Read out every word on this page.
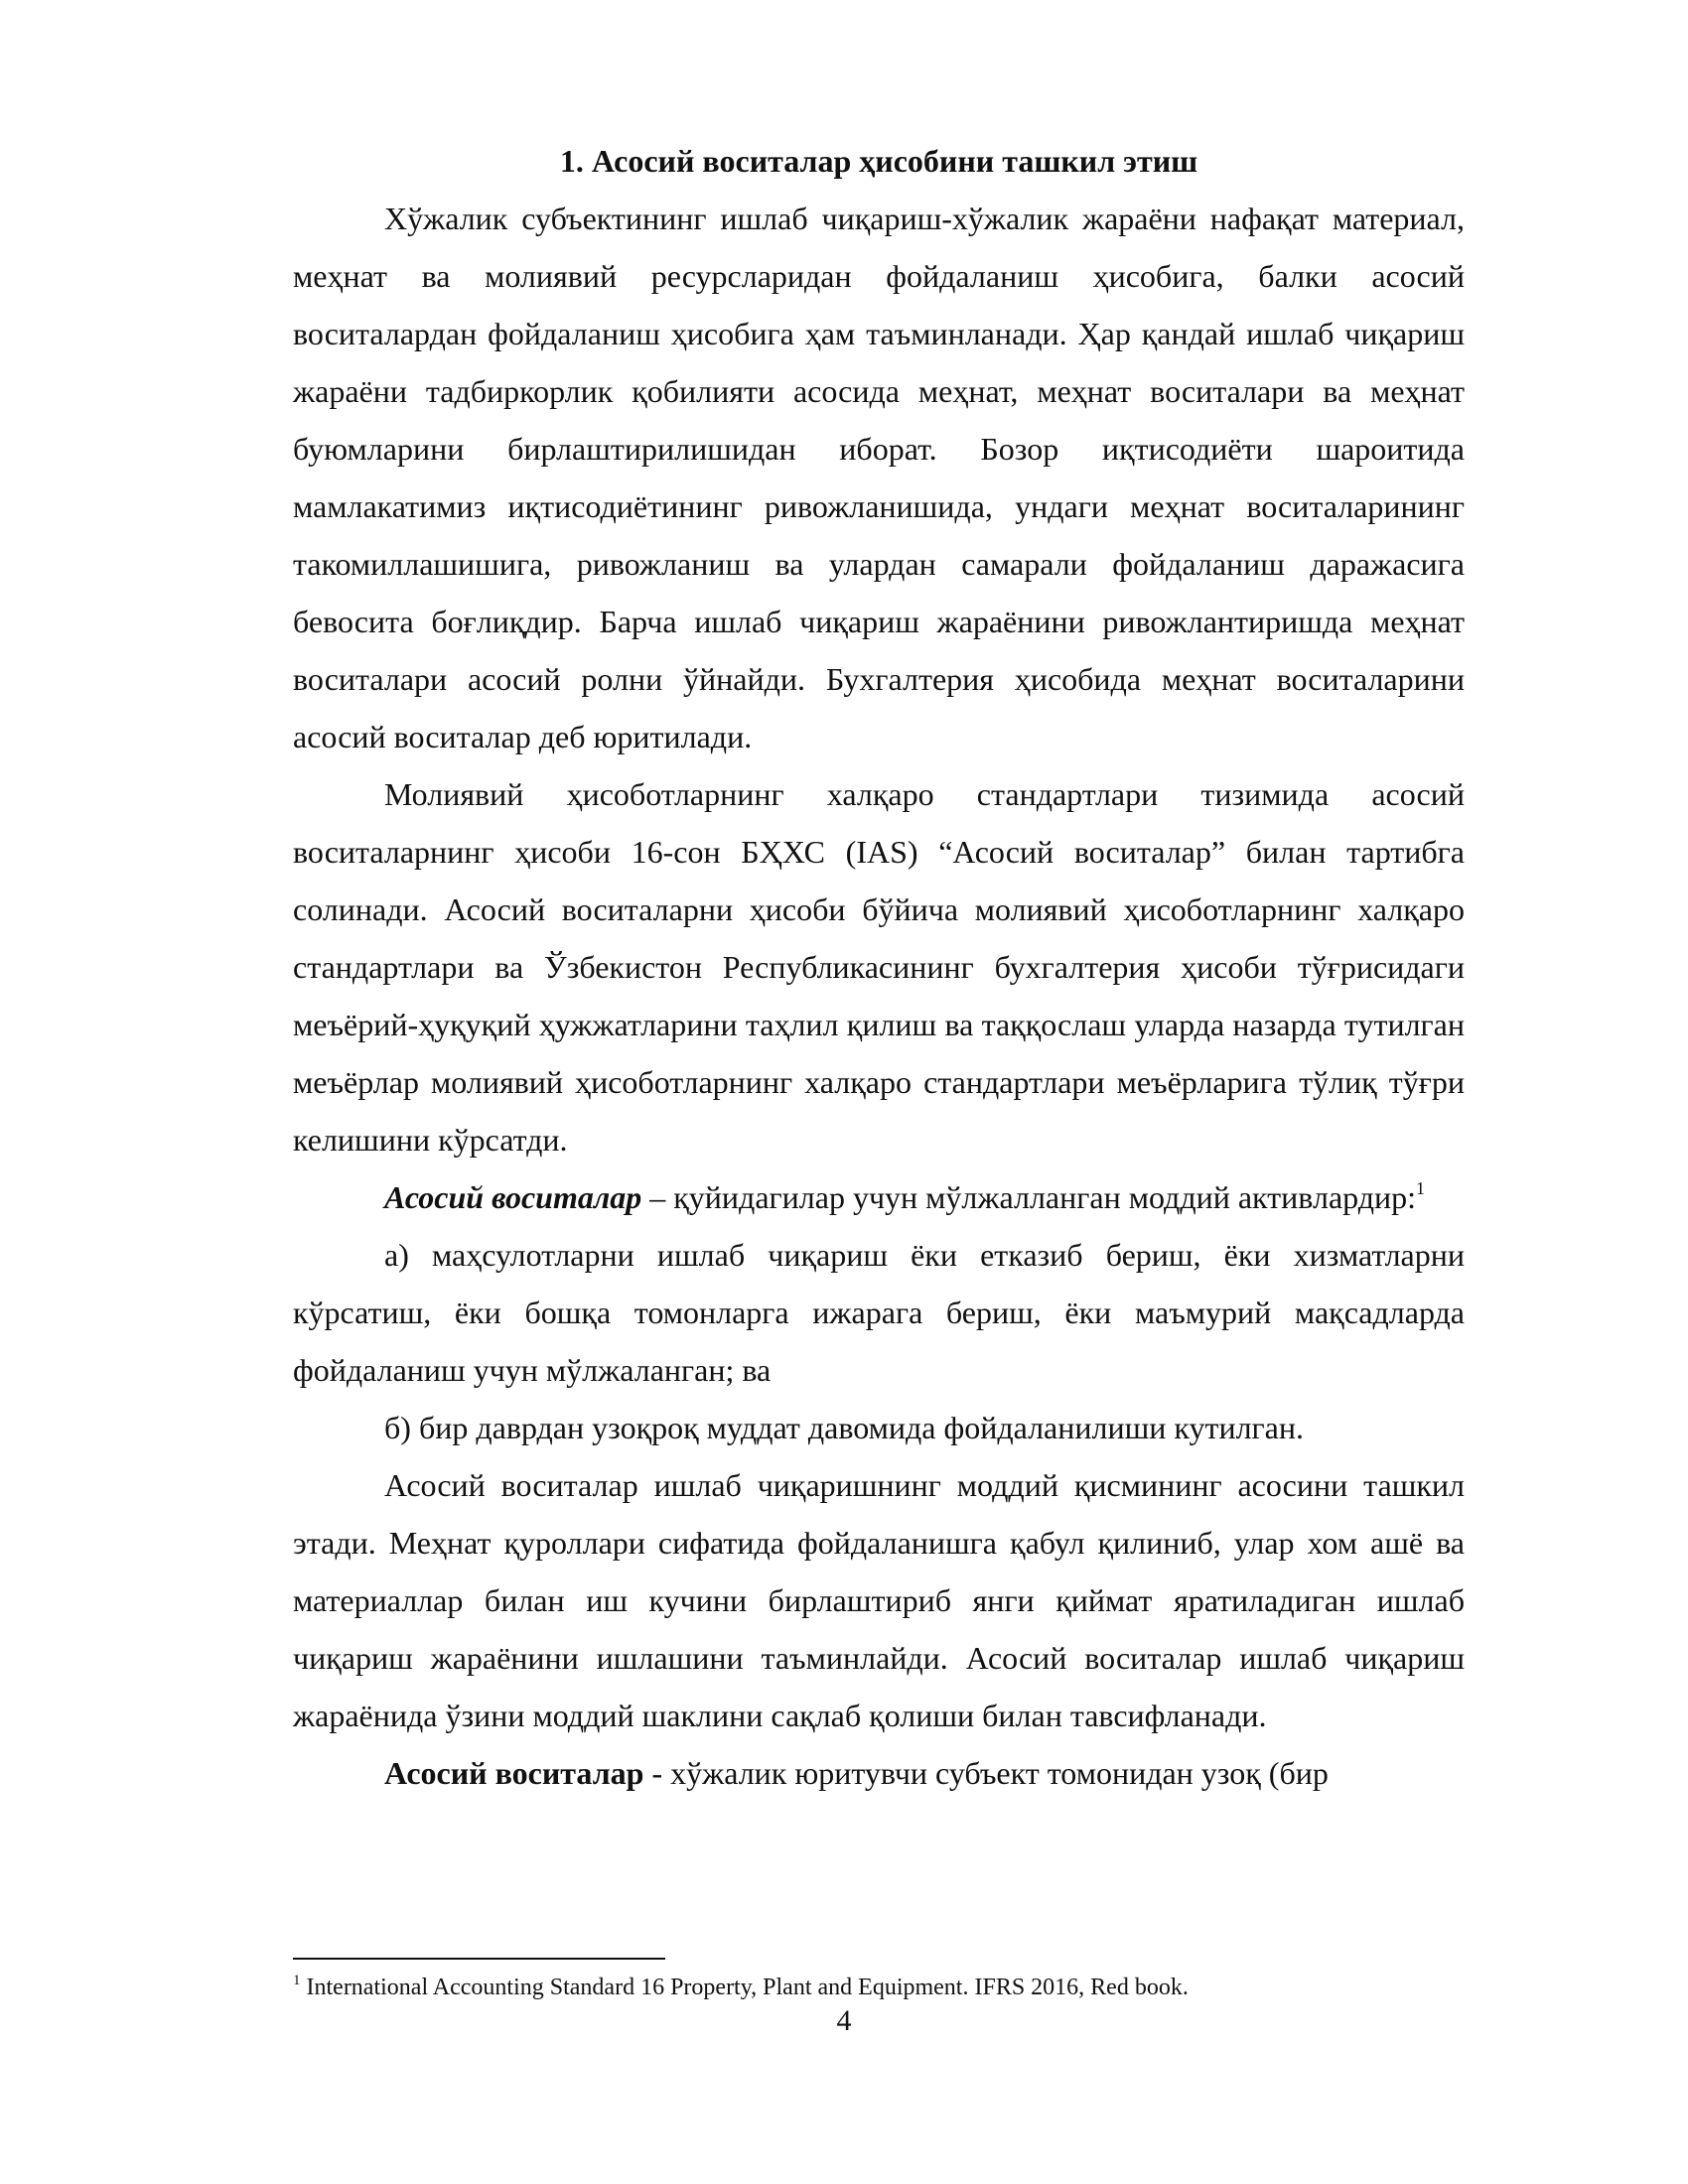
1. Асосий воситалар ҳисобини ташкил этиш

Хўжалик субъектининг ишлаб чиқариш-хўжалик жараёни нафақат материал, меҳнат ва молиявий ресурсларидан фойдаланиш ҳисобига, балки асосий воситалардан фойдаланиш ҳисобига ҳам таъминланади. Ҳар қандай ишлаб чиқариш жараёни тадбиркорлик қобилияти асосида меҳнат, меҳнат воситалари ва меҳнат буюмларини бирлаштирилишидан иборат. Бозор иқтисодиёти шароитида мамлакатимиз иқтисодиётининг ривожланишида, ундаги меҳнат воситаларининг такомиллашишига, ривожланиш ва улардан самарали фойдаланиш даражасига бевосита боғлиқдир. Барча ишлаб чиқариш жараёнини ривожлантиришда меҳнат воситалари асосий ролни ўйнайди. Бухгалтерия ҳисобида меҳнат воситаларини асосий воситалар деб юритилади.

Молиявий ҳисоботларнинг халқаро стандартлари тизимида асосий воситаларнинг ҳисоби 16-сон БҲХС (IAS) “Асосий воситалар” билан тартибга солинади. Асосий воситаларни ҳисоби бўйича молиявий ҳисоботларнинг халқаро стандартлари ва Ўзбекистон Республикасининг бухгалтерия ҳисоби тўғрисидаги меъёрий-ҳуқуқий ҳужжатларини таҳлил қилиш ва таққослаш уларда назарда тутилган меъёрлар молиявий ҳисоботларнинг халқаро стандартлари меъёрларига тўлиқ тўғри келишини кўрсатди.

Асосий воситалар – қуйидагилар учун мўлжалланган моддий активлардир:$^1$

а) маҳсулотларни ишлаб чиқариш ёки етказиб бериш, ёки хизматларни кўрсатиш, ёки бошқа томонларга ижарага бериш, ёки маъмурий мақсадларда фойдаланиш учун мўлжаланган; ва

б) бир даврдан узоқроқ муддат давомида фойдаланилиши кутилган.

Асосий воситалар ишлаб чиқаришнинг моддий қисмининг асосини ташкил этади. Меҳнат қуроллари сифатида фойдаланишга қабул қилиниб, улар хом ашё ва материаллар билан иш кучини бирлаштириб янги қиймат яратиладиган ишлаб чиқариш жараёнини ишлашини таъминлайди. Асосий воситалар ишлаб чиқариш жараёнида ўзини моддий шаклини сақлаб қолиши билан тавсифланади.

Асосий воситалар - хўжалик юритувчи субъект томонидан узоқ (бир

$^1$ International Accounting Standard 16 Property, Plant and Equipment. IFRS 2016, Red book.

4
